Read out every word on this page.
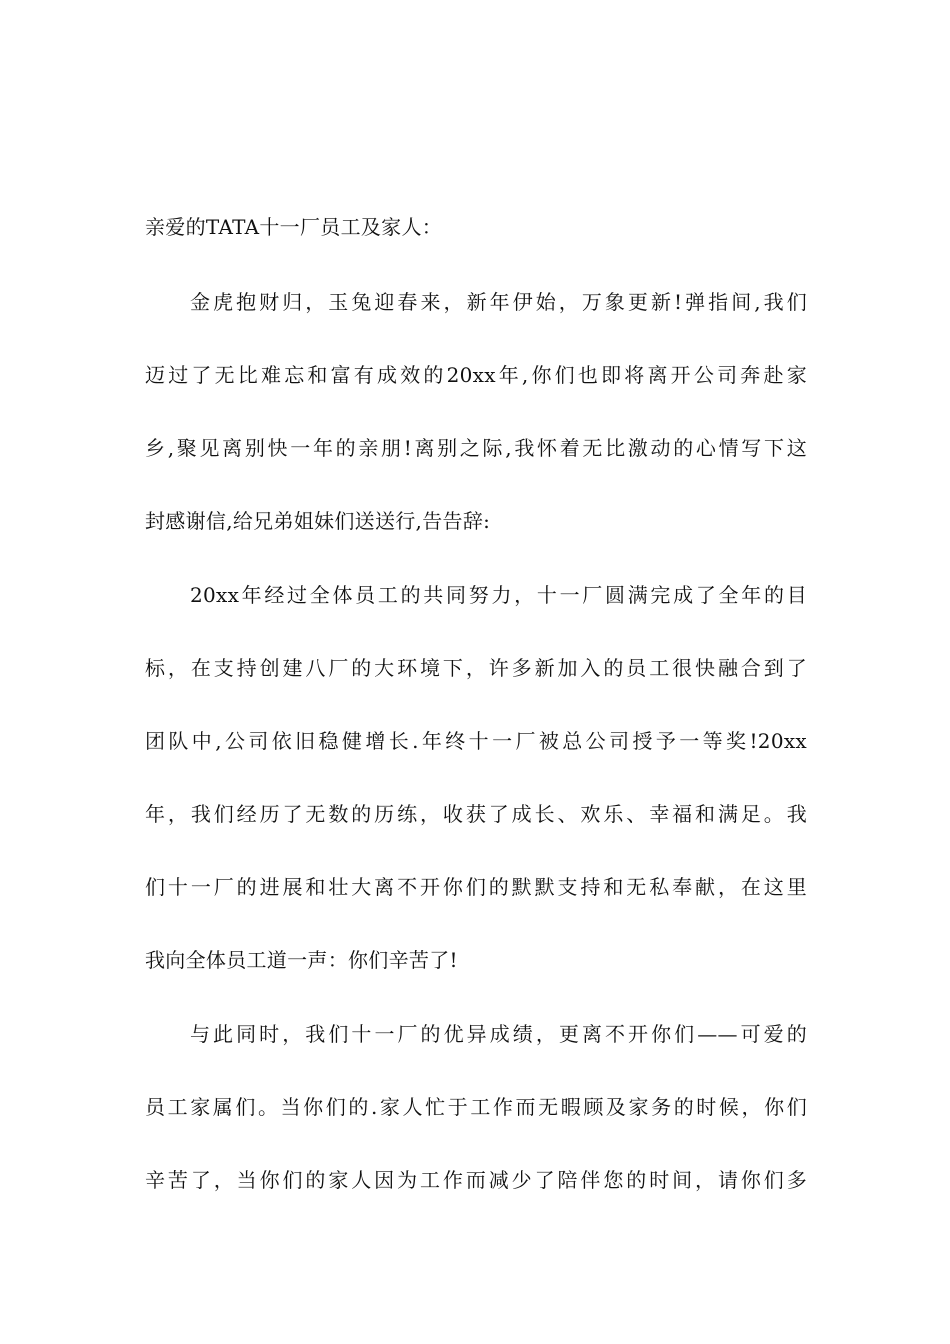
亲爱的TATA十一厂员工及家人：
金虎抱财归，玉兔迎春来，新年伊始，万象更新!弹指间,我们
迈过了无比难忘和富有成效的20xx年,你们也即将离开公司奔赴家
乡,聚见离别快一年的亲朋!离别之际,我怀着无比激动的心情写下这
封感谢信,给兄弟姐妹们送送行,告告辞:
20xx年经过全体员工的共同努力，十一厂圆满完成了全年的目
标，在支持创建八厂的大环境下，许多新加入的员工很快融合到了
团队中,公司依旧稳健增长.年终十一厂被总公司授予一等奖!20xx
年，我们经历了无数的历练，收获了成长、欢乐、幸福和满足。我
们十一厂的进展和壮大离不开你们的默默支持和无私奉献，在这里
我向全体员工道一声：你们辛苦了!
与此同时，我们十一厂的优异成绩，更离不开你们——可爱的
员工家属们。当你们的.家人忙于工作而无暇顾及家务的时候，你们
辛苦了，当你们的家人因为工作而减少了陪伴您的时间，请你们多
